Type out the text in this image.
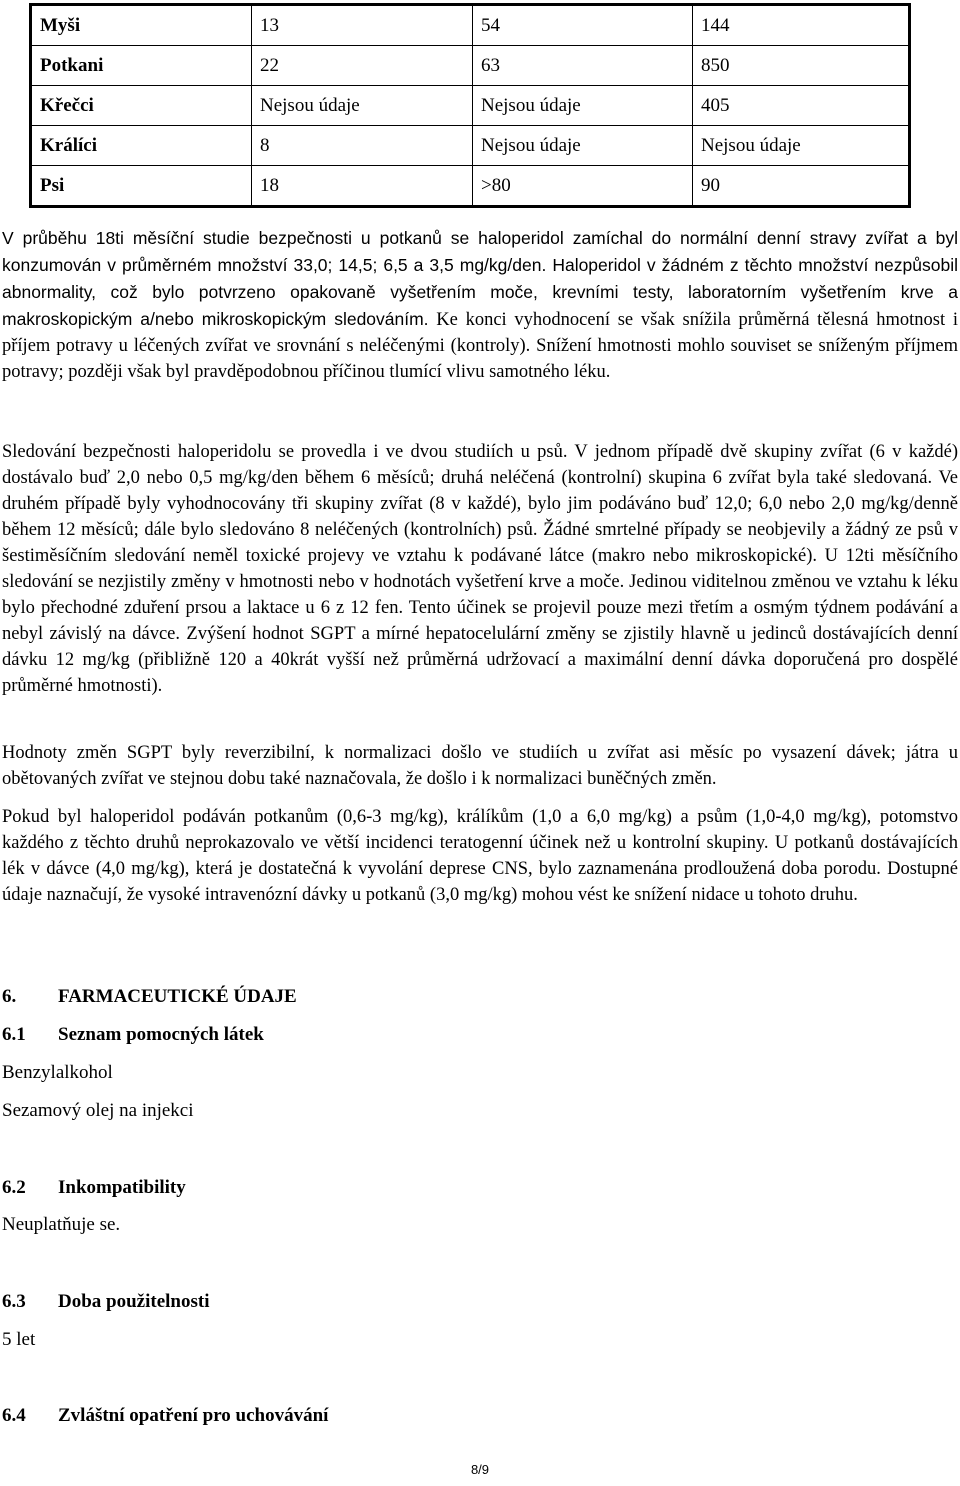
Myši	13	54	144
Potkani	22	63	850
Křečci	Nejsou údaje	Nejsou údaje	405
Králíci	8	Nejsou údaje	Nejsou údaje
Psi	18	>80	90

V průběhu 18ti měsíční studie bezpečnosti u potkanů se haloperidol zamíchal do normální denní stravy zvířat a byl konzumován v průměrném množství 33,0; 14,5; 6,5 a 3,5 mg/kg/den. Haloperidol v žádném z těchto množství nezpůsobil abnormality, což bylo potvrzeno opakovaně vyšetřením moče, krevními testy, laboratorním vyšetřením krve a makroskopickým a/nebo mikroskopickým sledováním. Ke konci vyhodnocení se však snížila průměrná tělesná hmotnost i příjem potravy u léčených zvířat ve srovnání s neléčenými (kontroly). Snížení hmotnosti mohlo souviset se sníženým příjmem potravy; později však byl pravděpodobnou příčinou tlumící vlivu samotného léku.

Sledování bezpečnosti haloperidolu se provedla i ve dvou studiích u psů. V jednom případě dvě skupiny zvířat (6 v každé) dostávalo buď 2,0 nebo 0,5 mg/kg/den během 6 měsíců; druhá neléčená (kontrolní) skupina 6 zvířat byla také sledovaná. Ve druhém případě byly vyhodnocovány tři skupiny zvířat (8 v každé), bylo jim podáváno buď 12,0; 6,0 nebo 2,0 mg/kg/denně během 12 měsíců; dále bylo sledováno 8 neléčených (kontrolních) psů. Žádné smrtelné případy se neobjevily a žádný ze psů v šestiměsíčním sledování neměl toxické projevy ve vztahu k podávané látce (makro nebo mikroskopické). U 12ti měsíčního sledování se nezjistily změny v hmotnosti nebo v hodnotách vyšetření krve a moče. Jedinou viditelnou změnou ve vztahu k léku bylo přechodné zduření prsou a laktace u 6 z 12 fen. Tento účinek se projevil pouze mezi třetím a osmým týdnem podávání a nebyl závislý na dávce. Zvýšení hodnot SGPT a mírné hepatocelulární změny se zjistily hlavně u jedinců dostávajících denní dávku 12 mg/kg (přibližně 120 a 40krát vyšší než průměrná udržovací a maximální denní dávka doporučená pro dospělé průměrné hmotnosti).

Hodnoty změn SGPT byly reverzibilní, k normalizaci došlo ve studiích u zvířat asi měsíc po vysazení dávek; játra u obětovaných zvířat ve stejnou dobu také naznačovala, že došlo i k normalizaci buněčných změn.

Pokud byl haloperidol podáván potkanům (0,6-3 mg/kg), králíkům (1,0 a 6,0 mg/kg) a psům (1,0-4,0 mg/kg), potomstvo každého z těchto druhů neprokazovalo ve větší incidenci teratogenní účinek než u kontrolní skupiny. U potkanů dostávajících lék v dávce (4,0 mg/kg), která je dostatečná k vyvolání deprese CNS, bylo zaznamenána prodloužená doba porodu. Dostupné údaje naznačují, že vysoké intravenózní dávky u potkanů (3,0 mg/kg) mohou vést ke snížení nidace u tohoto druhu.

6. FARMACEUTICKÉ ÚDAJE
6.1 Seznam pomocných látek
Benzylalkohol
Sezamový olej na injekci
6.2 Inkompatibility
Neuplatňuje se.
6.3 Doba použitelnosti
5 let
6.4 Zvláštní opatření pro uchovávání
8/9
